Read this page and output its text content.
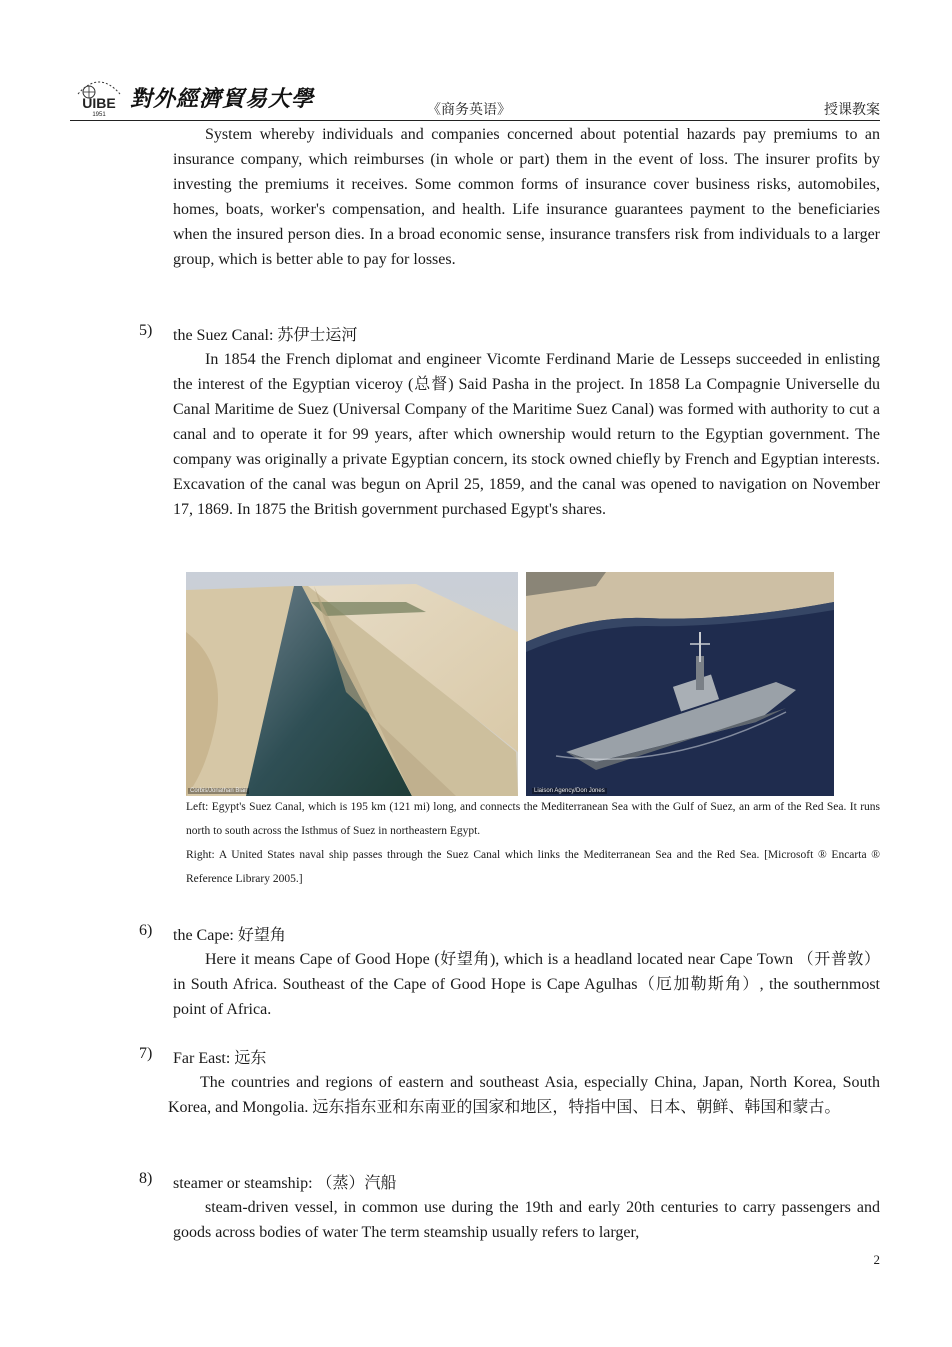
UIBE
1951
對外經濟貿易大學	《商务英语》	授课教案

System whereby individuals and companies concerned about potential hazards pay premiums to an insurance company, which reimburses (in whole or part) them in the event of loss. The insurer profits by investing the premiums it receives. Some common forms of insurance cover business risks, automobiles, homes, boats, worker's compensation, and health. Life insurance guarantees payment to the beneficiaries when the insured person dies. In a broad economic sense, insurance transfers risk from individuals to a larger group, which is better able to pay for losses.

5) the Suez Canal: 苏伊士运河

In 1854 the French diplomat and engineer Vicomte Ferdinand Marie de Lesseps succeeded in enlisting the interest of the Egyptian viceroy (总督) Said Pasha in the project. In 1858 La Compagnie Universelle du Canal Maritime de Suez (Universal Company of the Maritime Suez Canal) was formed with authority to cut a canal and to operate it for 99 years, after which ownership would return to the Egyptian government. The company was originally a private Egyptian concern, its stock owned chiefly by French and Egyptian interests. Excavation of the canal was begun on April 25, 1859, and the canal was opened to navigation on November 17, 1869. In 1875 the British government purchased Egypt's shares.

Corbis/Jonathan Blair	Liaison Agency/Don Jones

Left: Egypt's Suez Canal, which is 195 km (121 mi) long, and connects the Mediterranean Sea with the Gulf of Suez, an arm of the Red Sea. It runs north to south across the Isthmus of Suez in northeastern Egypt.

Right: A United States naval ship passes through the Suez Canal which links the Mediterranean Sea and the Red Sea. [Microsoft ® Encarta ® Reference Library 2005.]

6) the Cape: 好望角

Here it means Cape of Good Hope (好望角), which is a headland located near Cape Town （开普敦） in South Africa. Southeast of the Cape of Good Hope is Cape Agulhas（厄加勒斯角）, the southernmost point of Africa.

7) Far East: 远东

The countries and regions of eastern and southeast Asia, especially China, Japan, North Korea, South Korea, and Mongolia. 远东指东亚和东南亚的国家和地区，特指中国、日本、朝鲜、韩国和蒙古。

8) steamer or steamship: （蒸）汽船

steam-driven vessel, in common use during the 19th and early 20th centuries to carry passengers and goods across bodies of water The term steamship usually refers to larger,

2
